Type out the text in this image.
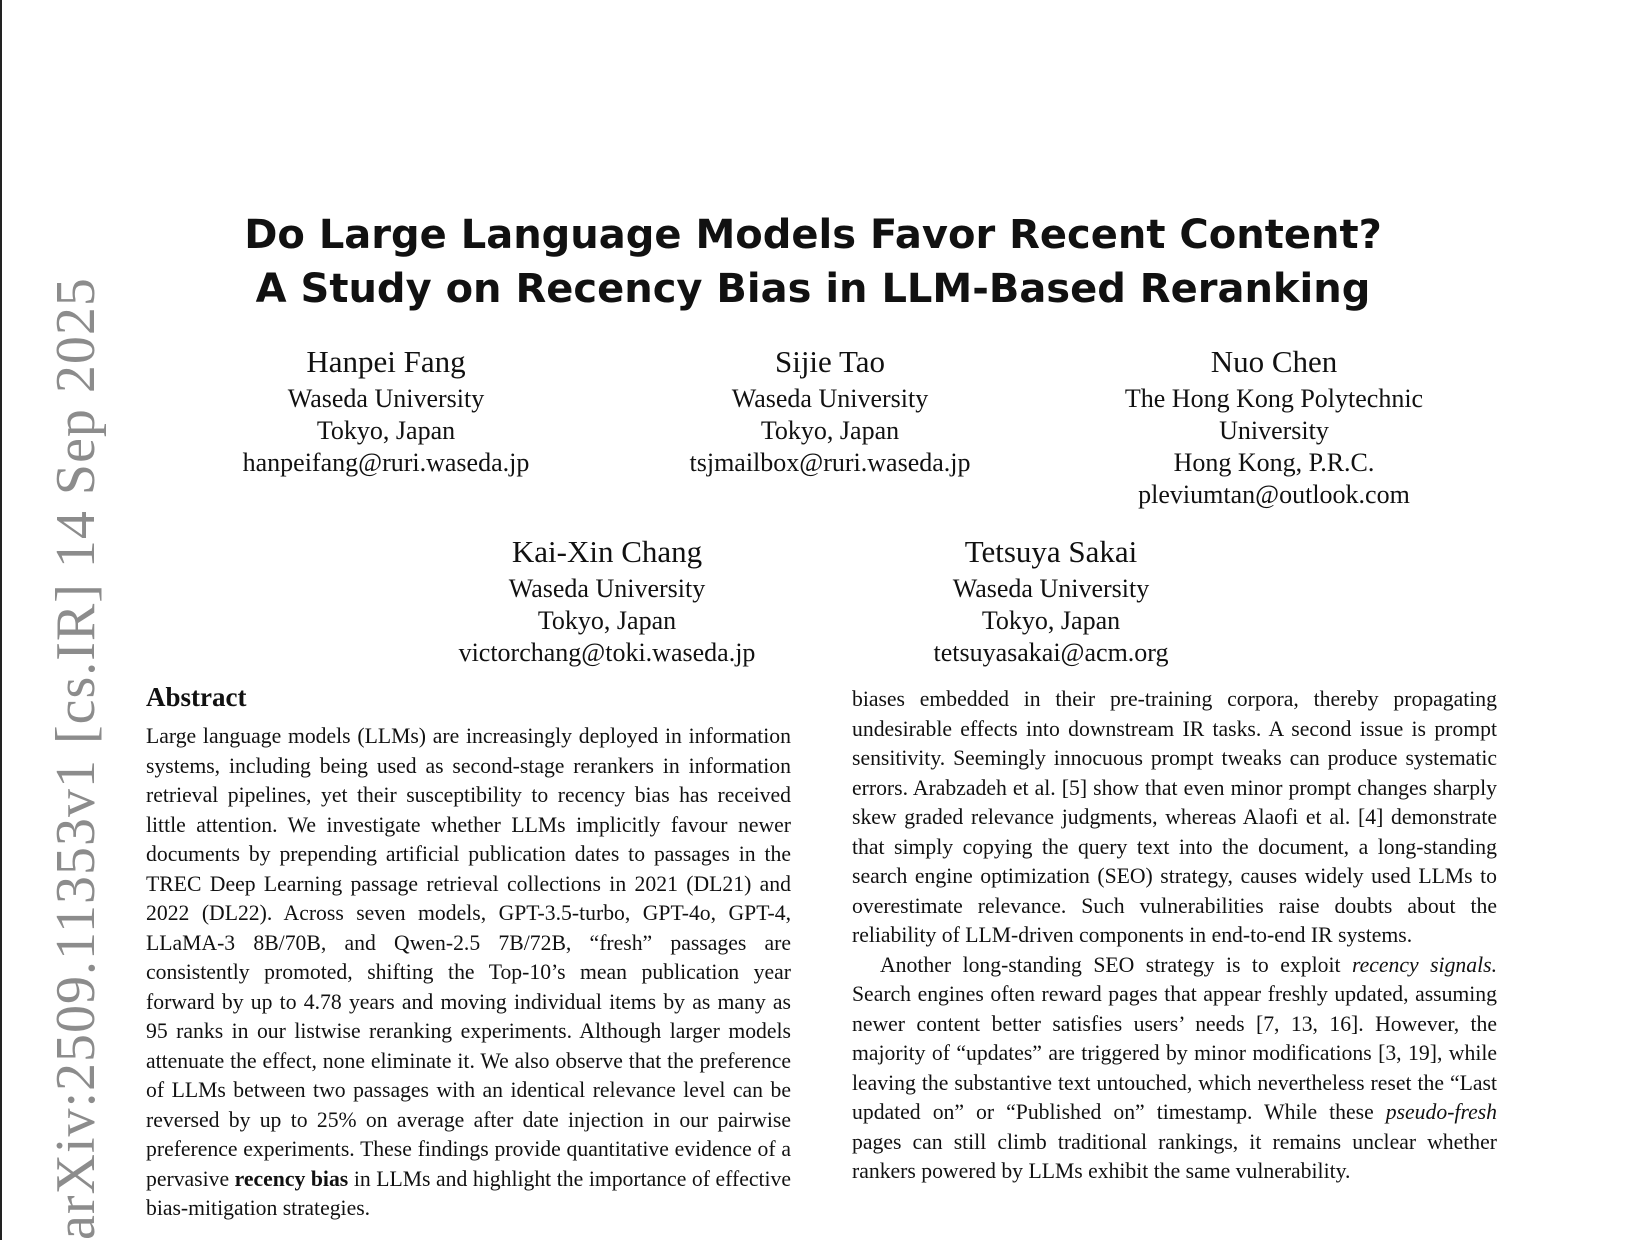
arXiv:2509.11353v1 [cs.IR] 14 Sep 2025
Do Large Language Models Favor Recent Content?
A Study on Recency Bias in LLM-Based Reranking
Hanpei Fang
Waseda University
Tokyo, Japan
hanpeifang@ruri.waseda.jp
Sijie Tao
Waseda University
Tokyo, Japan
tsjmailbox@ruri.waseda.jp
Nuo Chen
The Hong Kong Polytechnic
University
Hong Kong, P.R.C.
pleviumtan@outlook.com
Kai-Xin Chang
Waseda University
Tokyo, Japan
victorchang@toki.waseda.jp
Tetsuya Sakai
Waseda University
Tokyo, Japan
tetsuyasakai@acm.org
Abstract

Large language models (LLMs) are increasingly deployed in information systems, including being used as second-stage rerankers in information retrieval pipelines, yet their susceptibility to recency bias has received little attention. We investigate whether LLMs implicitly favour newer documents by prepending artificial publication dates to passages in the TREC Deep Learning passage retrieval collections in 2021 (DL21) and 2022 (DL22). Across seven models, GPT-3.5-turbo, GPT-4o, GPT-4, LLaMA-3 8B/70B, and Qwen-2.5 7B/72B, “fresh” passages are consistently promoted, shifting the Top-10’s mean publication year forward by up to 4.78 years and moving individual items by as many as 95 ranks in our listwise reranking experiments. Although larger models attenuate the effect, none eliminate it. We also observe that the preference of LLMs between two passages with an identical relevance level can be reversed by up to 25% on average after date injection in our pairwise preference experiments. These findings provide quantitative evidence of a pervasive recency bias in LLMs and highlight the importance of effective bias-mitigation strategies.

biases embedded in their pre-training corpora, thereby propagating undesirable effects into downstream IR tasks. A second issue is prompt sensitivity. Seemingly innocuous prompt tweaks can produce systematic errors. Arabzadeh et al. [5] show that even minor prompt changes sharply skew graded relevance judgments, whereas Alaofi et al. [4] demonstrate that simply copying the query text into the document, a long-standing search engine optimization (SEO) strategy, causes widely used LLMs to overestimate relevance. Such vulnerabilities raise doubts about the reliability of LLM-driven components in end-to-end IR systems.

Another long-standing SEO strategy is to exploit recency signals. Search engines often reward pages that appear freshly updated, assuming newer content better satisfies users’ needs [7, 13, 16]. However, the majority of “updates” are triggered by minor modifications [3, 19], while leaving the substantive text untouched, which nevertheless reset the “Last updated on” or “Published on” timestamp. While these pseudo-fresh pages can still climb traditional rankings, it remains unclear whether rankers powered by LLMs exhibit the same vulnerability.
